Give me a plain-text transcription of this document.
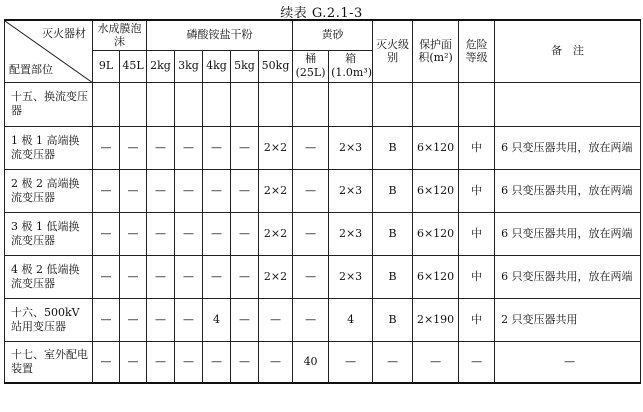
续表 G.2.1-3
灭火器材
配置部位	水成膜泡沫		磷酸铵盐干粉					黄砂		灭火级别	保护面积(m²)	危险等级	备　注
	9L	45L	2kg	3kg	4kg	5kg	50kg	桶(25L)	箱(1.0m³)				
十五、换流变压器													
1 极 1 高端换流变压器	—	—	—	—	—	—	2×2	—	2×3	B	6×120	中	6 只变压器共用，放在两端
2 极 2 高端换流变压器	—	—	—	—	—	—	2×2	—	2×3	B	6×120	中	6 只变压器共用，放在两端
3 极 1 低端换流变压器	—	—	—	—	—	—	2×2	—	2×3	B	6×120	中	6 只变压器共用，放在两端
4 极 2 低端换流变压器	—	—	—	—	—	—	2×2	—	2×3	B	6×120	中	6 只变压器共用，放在两端
十六、500kV 站用变压器	—	—	—	—	4	—	—	—	4	B	2×190	中	2 只变压器共用
十七、室外配电装置	—	—	—	—	—	—	—	40	—	—	—	—	—
